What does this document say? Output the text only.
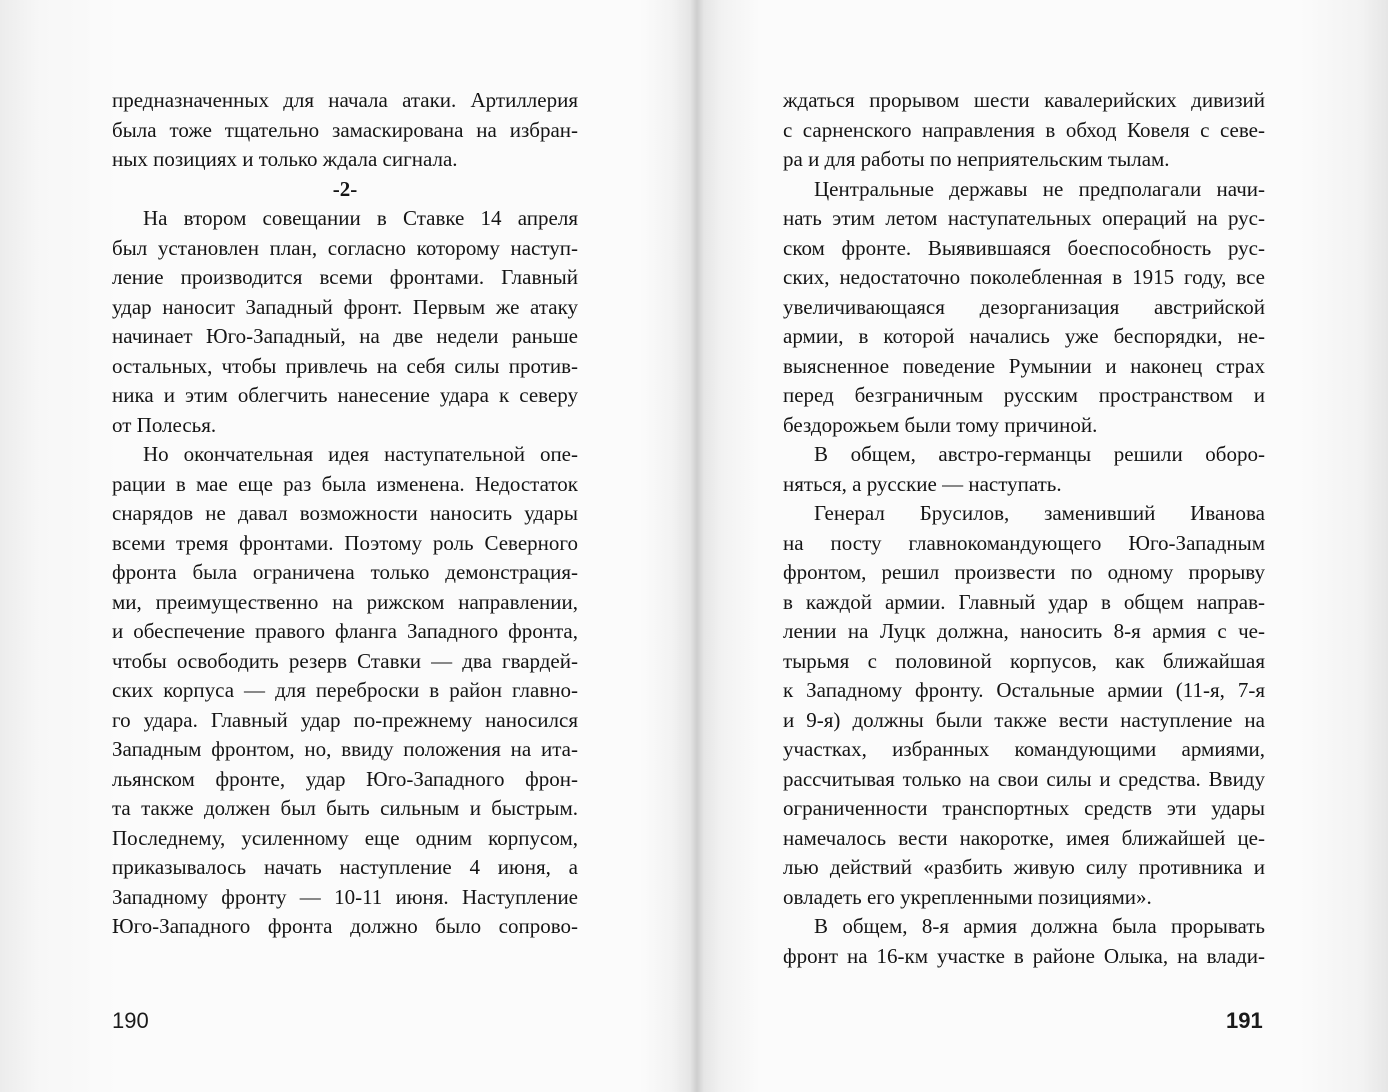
предназначенных для начала атаки. Артиллерия
была тоже тщательно замаскирована на избран-
ных позициях и только ждала сигнала.
-2-
На втором совещании в Ставке 14 апреля
был установлен план, согласно которому наступ-
ление производится всеми фронтами. Главный
удар наносит Западный фронт. Первым же атаку
начинает Юго-Западный, на две недели раньше
остальных, чтобы привлечь на себя силы против-
ника и этим облегчить нанесение удара к северу
от Полесья.
Но окончательная идея наступательной опе-
рации в мае еще раз была изменена. Недостаток
снарядов не давал возможности наносить удары
всеми тремя фронтами. Поэтому роль Северного
фронта была ограничена только демонстрация-
ми, преимущественно на рижском направлении,
и обеспечение правого фланга Западного фронта,
чтобы освободить резерв Ставки — два гвардей-
ских корпуса — для переброски в район главно-
го удара. Главный удар по-прежнему наносился
Западным фронтом, но, ввиду положения на ита-
льянском фронте, удар Юго-Западного фрон-
та также должен был быть сильным и быстрым.
Последнему, усиленному еще одним корпусом,
приказывалось начать наступление 4 июня, а
Западному фронту — 10-11 июня. Наступление
Юго-Западного фронта должно было сопрово-
190
ждаться прорывом шести кавалерийских дивизий
с сарненского направления в обход Ковеля с севе-
ра и для работы по неприятельским тылам.
Центральные державы не предполагали начи-
нать этим летом наступательных операций на рус-
ском фронте. Выявившаяся боеспособность рус-
ских, недостаточно поколебленная в 1915 году, все
увеличивающаяся дезорганизация австрийской
армии, в которой начались уже беспорядки, не-
выясненное поведение Румынии и наконец страх
перед безграничным русским пространством и
бездорожьем были тому причиной.
В общем, австро-германцы решили оборо-
няться, а русские — наступать.
Генерал Брусилов, заменивший Иванова
на посту главнокомандующего Юго-Западным
фронтом, решил произвести по одному прорыву
в каждой армии. Главный удар в общем направ-
лении на Луцк должна, наносить 8-я армия с че-
тырьмя с половиной корпусов, как ближайшая
к Западному фронту. Остальные армии (11-я, 7-я
и 9-я) должны были также вести наступление на
участках, избранных командующими армиями,
рассчитывая только на свои силы и средства. Ввиду
ограниченности транспортных средств эти удары
намечалось вести накоротке, имея ближайшей це-
лью действий «разбить живую силу противника и
овладеть его укрепленными позициями».
В общем, 8-я армия должна была прорывать
фронт на 16-км участке в районе Олыка, на влади-
191
